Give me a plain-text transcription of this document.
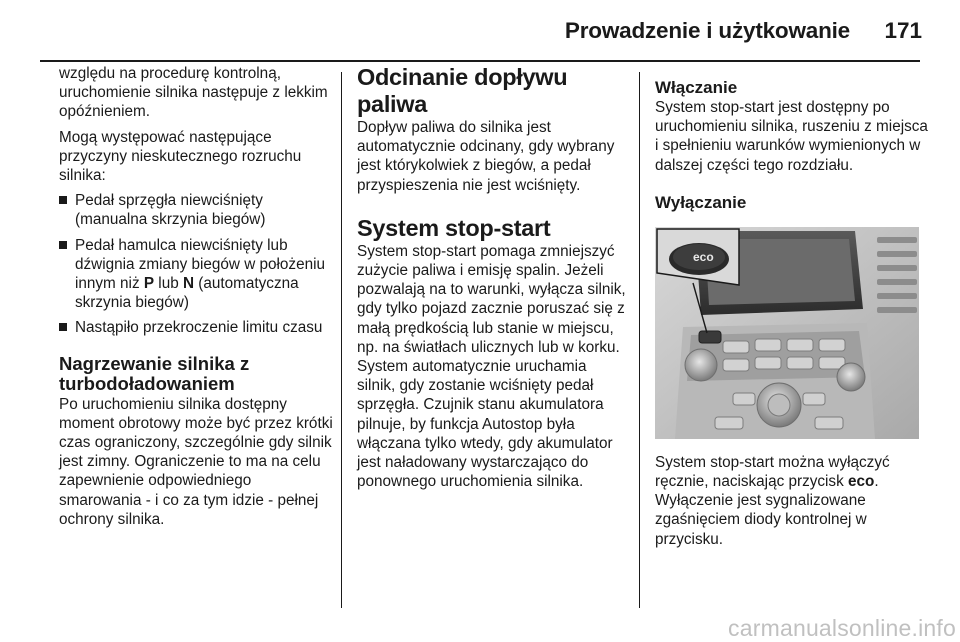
Prowadzenie i użytkowanie 171

względu na procedurę kontrolną, uruchomienie silnika następuje z lekkim opóźnieniem.

Mogą występować następujące przyczyny nieskutecznego rozruchu silnika:

Pedał sprzęgła niewciśnięty (manualna skrzynia biegów)
Pedał hamulca niewciśnięty lub dźwignia zmiany biegów w położeniu innym niż P lub N (automatyczna skrzynia biegów)
Nastąpiło przekroczenie limitu czasu
Nagrzewanie silnika z turbodoładowaniem

Po uruchomieniu silnika dostępny moment obrotowy może być przez krótki czas ograniczony, szczególnie gdy silnik jest zimny. Ograniczenie to ma na celu zapewnienie odpowiedniego smarowania - i co za tym idzie - pełnej ochrony silnika.

Odcinanie dopływu paliwa

Dopływ paliwa do silnika jest automatycznie odcinany, gdy wybrany jest którykolwiek z biegów, a pedał przyspieszenia nie jest wciśnięty.

System stop-start

System stop-start pomaga zmniejszyć zużycie paliwa i emisję spalin. Jeżeli pozwalają na to warunki, wyłącza silnik, gdy tylko pojazd zacznie poruszać się z małą prędkością lub stanie w miejscu, np. na światłach ulicznych lub w korku. System automatycznie uruchamia silnik, gdy zostanie wciśnięty pedał sprzęgła. Czujnik stanu akumulatora pilnuje, by funkcja Autostop była włączana tylko wtedy, gdy akumulator jest naładowany wystarczająco do ponownego uruchomienia silnika.

Włączanie

System stop-start jest dostępny po uruchomieniu silnika, ruszeniu z miejsca i spełnieniu warunków wymienionych w dalszej części tego rozdziału.

Wyłączanie
eco

System stop-start można wyłączyć ręcznie, naciskając przycisk eco. Wyłączenie jest sygnalizowane zgaśnięciem diody kontrolnej w przycisku.

carmanualsonline.info
